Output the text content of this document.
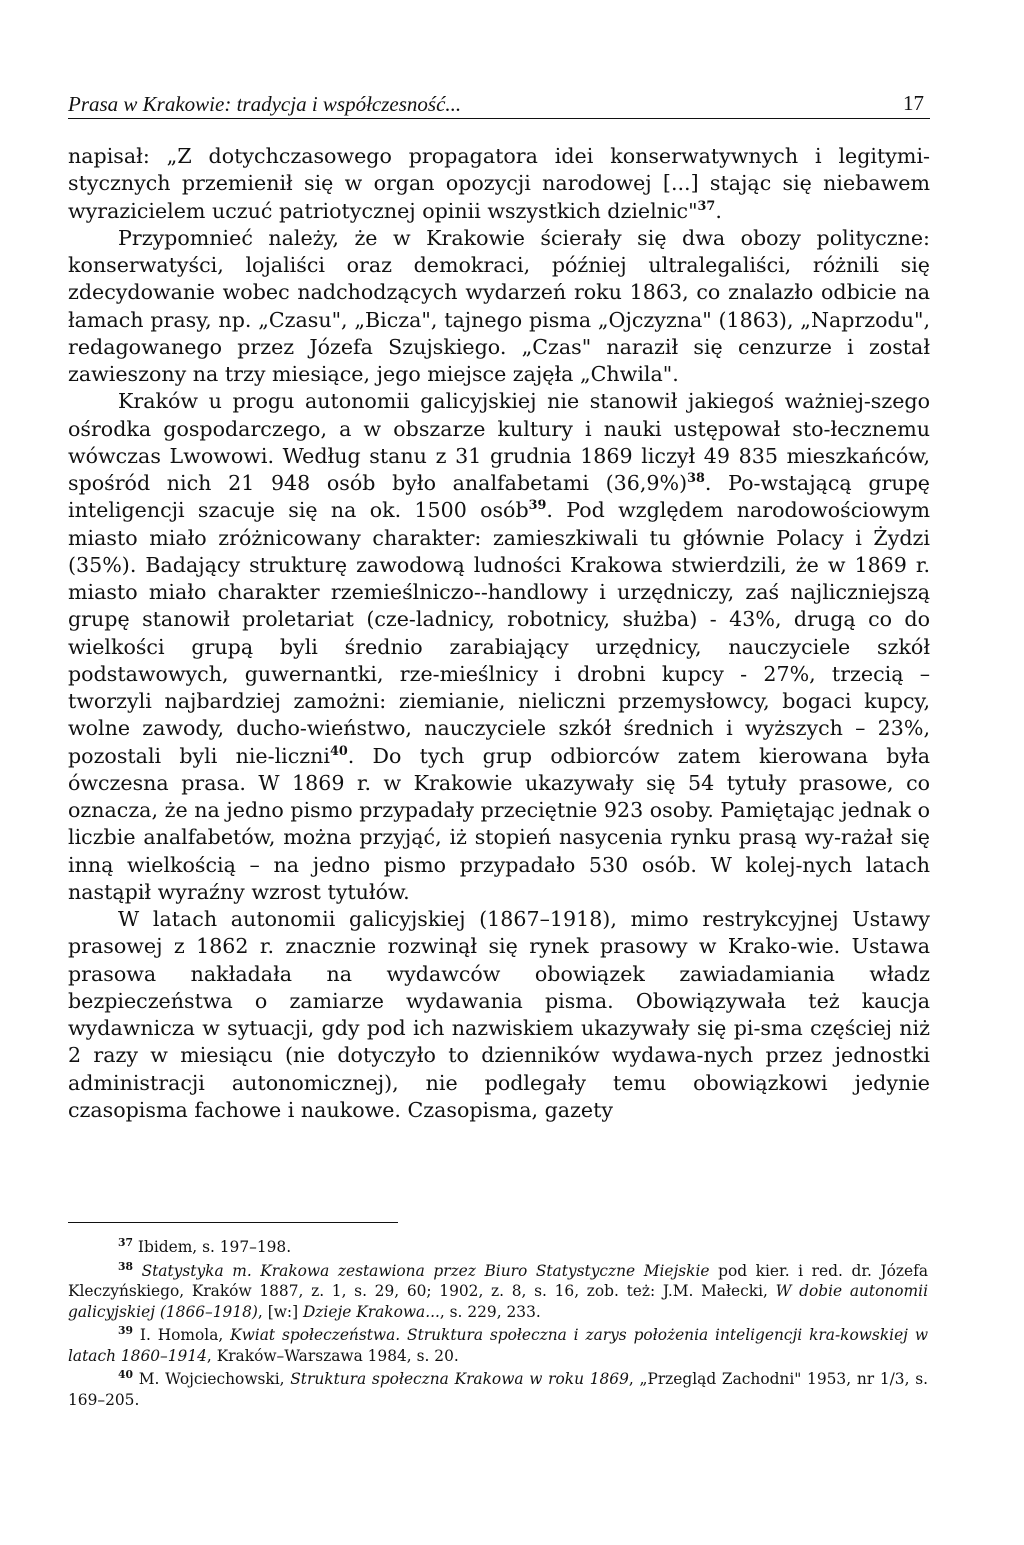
Prasa w Krakowie: tradycja i współczesność...	17

napisał: „Z dotychczasowego propagatora idei konserwatywnych i legitymi-stycznych przemienił się w organ opozycji narodowej [...] stając się niebawem wyrazicielem uczuć patriotycznej opinii wszystkich dzielnic"$^{37}$.

Przypomnieć należy, że w Krakowie ścierały się dwa obozy polityczne: konserwatyści, lojaliści oraz demokraci, później ultralegaliści, różnili się zdecydowanie wobec nadchodzących wydarzeń roku 1863, co znalazło odbicie na łamach prasy, np. „Czasu", „Bicza", tajnego pisma „Ojczyzna" (1863), „Naprzodu", redagowanego przez Józefa Szujskiego. „Czas" naraził się cenzurze i został zawieszony na trzy miesiące, jego miejsce zajęła „Chwila".

Kraków u progu autonomii galicyjskiej nie stanowił jakiegoś ważniej-szego ośrodka gospodarczego, a w obszarze kultury i nauki ustępował sto-łecznemu wówczas Lwowowi. Według stanu z 31 grudnia 1869 liczył 49 835 mieszkańców, spośród nich 21 948 osób było analfabetami $(36,9\%)^{38}$. Po-wstającą grupę inteligencji szacuje się na ok. 1500 osób$^{39}$. Pod względem narodowościowym miasto miało zróżnicowany charakter: zamieszkiwali tu głównie Polacy i Żydzi (35%). Badający strukturę zawodową ludności Krakowa stwierdzili, że w 1869 r. miasto miało charakter rzemieślniczo--handlowy i urzędniczy, zaś najliczniejszą grupę stanowił proletariat (cze-ladnicy, robotnicy, służba) - 43%, drugą co do wielkości grupą byli średnio zarabiający urzędnicy, nauczyciele szkół podstawowych, guwernantki, rze-mieślnicy i drobni kupcy - 27%, trzecią – tworzyli najbardziej zamożni: ziemianie, nieliczni przemysłowcy, bogaci kupcy, wolne zawody, ducho-wieństwo, nauczyciele szkół średnich i wyższych – 23%, pozostali byli nie-liczni$^{40}$. Do tych grup odbiorców zatem kierowana była ówczesna prasa. W 1869 r. w Krakowie ukazywały się 54 tytuły prasowe, co oznacza, że na jedno pismo przypadały przeciętnie 923 osoby. Pamiętając jednak o liczbie analfabetów, można przyjąć, iż stopień nasycenia rynku prasą wy-rażał się inną wielkością – na jedno pismo przypadało 530 osób. W kolej-nych latach nastąpił wyraźny wzrost tytułów.

W latach autonomii galicyjskiej (1867–1918), mimo restrykcyjnej Ustawy prasowej z 1862 r. znacznie rozwinął się rynek prasowy w Krako-wie. Ustawa prasowa nakładała na wydawców obowiązek zawiadamiania władz bezpieczeństwa o zamiarze wydawania pisma. Obowiązywała też kaucja wydawnicza w sytuacji, gdy pod ich nazwiskiem ukazywały się pi-sma częściej niż 2 razy w miesiącu (nie dotyczyło to dzienników wydawa-nych przez jednostki administracji autonomicznej), nie podlegały temu obowiązkowi jedynie czasopisma fachowe i naukowe. Czasopisma, gazety

$^{37}$ Ibidem, s. 197–198.

$^{38}$ Statystyka m. Krakowa zestawiona przez Biuro Statystyczne Miejskie pod kier. i red. dr. Józefa Kleczyńskiego, Kraków 1887, z. 1, s. 29, 60; 1902, z. 8, s. 16, zob. też: J.M. Małecki, W dobie autonomii galicyjskiej (1866–1918), [w:] Dzieje Krakowa..., s. 229, 233.

$^{39}$ I. Homola, Kwiat społeczeństwa. Struktura społeczna i zarys położenia inteligencji kra-kowskiej w latach 1860–1914, Kraków–Warszawa 1984, s. 20.

$^{40}$ M. Wojciechowski, Struktura społeczna Krakowa w roku 1869, „Przegląd Zachodni" 1953, nr 1/3, s. 169–205.
